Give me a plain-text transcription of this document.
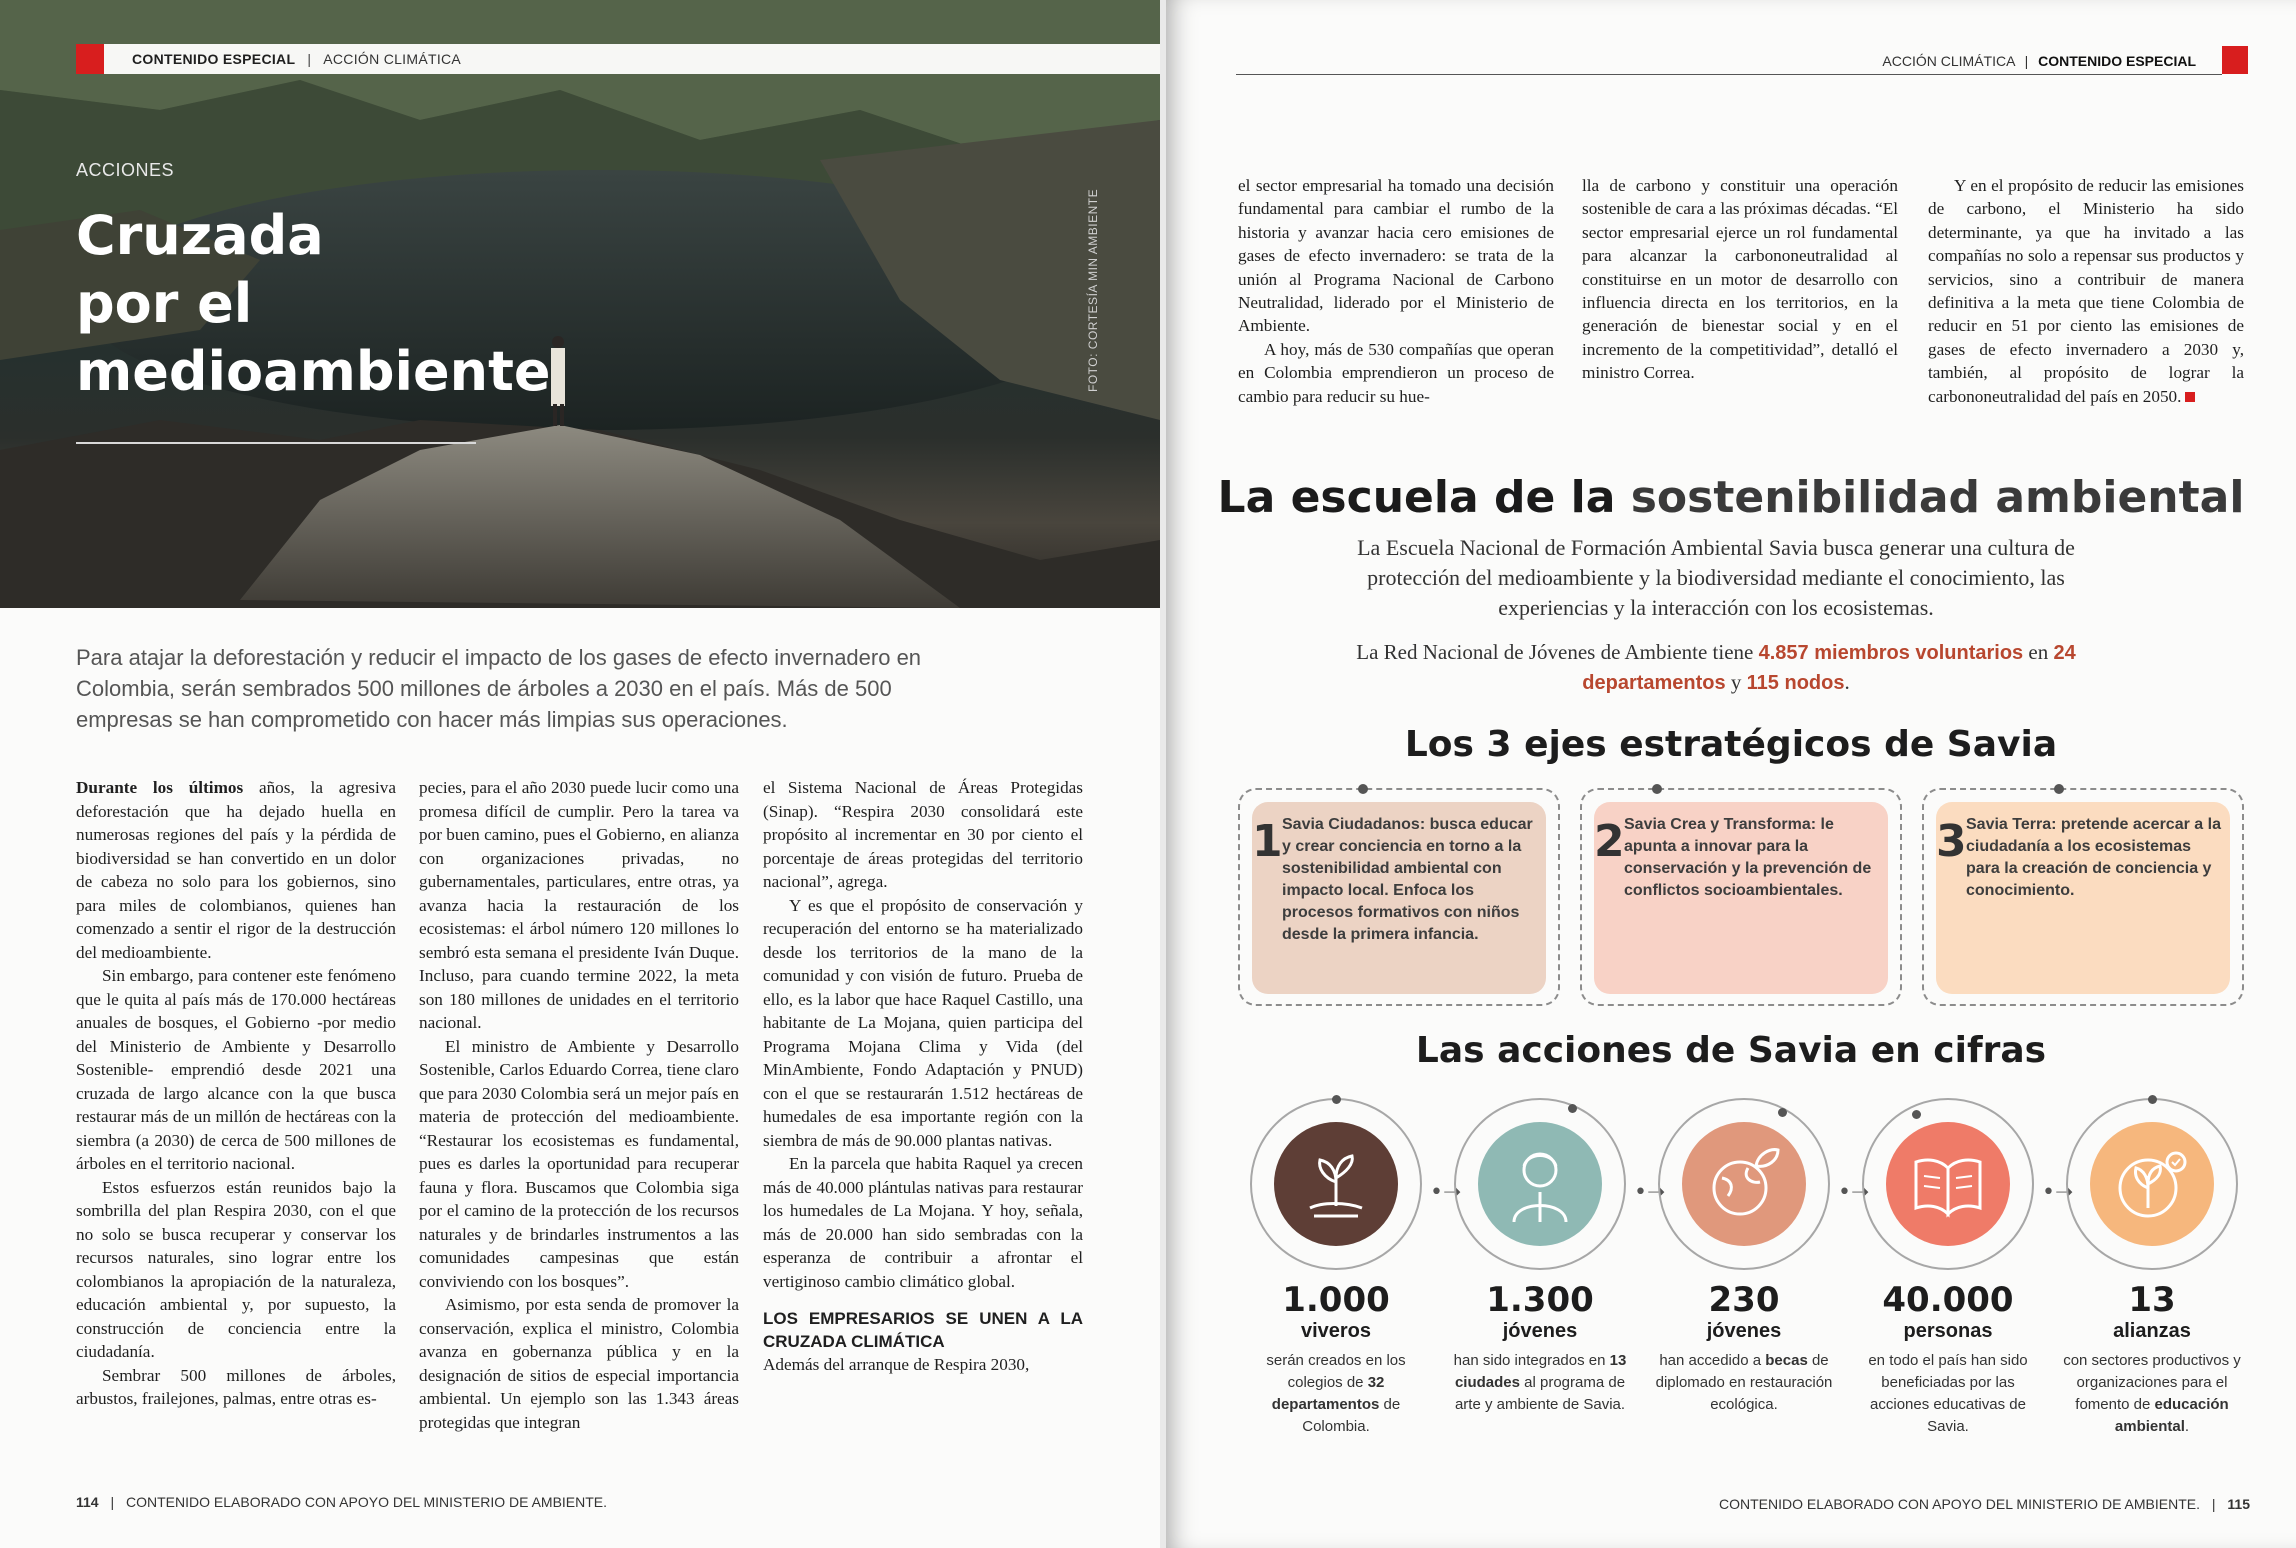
CONTENIDO ESPECIAL | ACCIÓN CLIMÁTICA
ACCIONES
Cruzada
por el
medioambiente	FOTO: CORTESÍA MIN AMBIENTE

Para atajar la deforestación y reducir el impacto de los gases de efecto invernadero en Colombia, serán sembrados 500 millones de árboles a 2030 en el país. Más de 500 empresas se han comprometido con hacer más limpias sus operaciones.

Durante los últimos años, la agresiva deforestación que ha dejado huella en numerosas regiones del país y la pérdida de biodiversidad se han convertido en un dolor de cabeza no solo para los gobiernos, sino para miles de colombianos, quienes han comenzado a sentir el rigor de la destrucción del medioambiente.

Sin embargo, para contener este fenómeno que le quita al país más de 170.000 hectáreas anuales de bosques, el Gobierno -por medio del Ministerio de Ambiente y Desarrollo Sostenible- emprendió desde 2021 una cruzada de largo alcance con la que busca restaurar más de un millón de hectáreas con la siembra (a 2030) de cerca de 500 millones de árboles en el territorio nacional.

Estos esfuerzos están reunidos bajo la sombrilla del plan Respira 2030, con el que no solo se busca recuperar y conservar los recursos naturales, sino lograr entre los colombianos la apropiación de la naturaleza, educación ambiental y, por supuesto, la construcción de conciencia entre la ciudadanía.

Sembrar 500 millones de árboles, arbustos, frailejones, palmas, entre otras es-

pecies, para el año 2030 puede lucir como una promesa difícil de cumplir. Pero la tarea va por buen camino, pues el Gobierno, en alianza con organizaciones privadas, no gubernamentales, particulares, entre otras, ya avanza hacia la restauración de los ecosistemas: el árbol número 120 millones lo sembró esta semana el presidente Iván Duque. Incluso, para cuando termine 2022, la meta son 180 millones de unidades en el territorio nacional.

El ministro de Ambiente y Desarrollo Sostenible, Carlos Eduardo Correa, tiene claro que para 2030 Colombia será un mejor país en materia de protección del medioambiente. “Restaurar los ecosistemas es fundamental, pues es darles la oportunidad para recuperar fauna y flora. Buscamos que Colombia siga por el camino de la protección de los recursos naturales y de brindarles instrumentos a las comunidades campesinas que están conviviendo con los bosques”.

Asimismo, por esta senda de promover la conservación, explica el ministro, Colombia avanza en gobernanza pública y en la designación de sitios de especial importancia ambiental. Un ejemplo son las 1.343 áreas protegidas que integran

el Sistema Nacional de Áreas Protegidas (Sinap). “Respira 2030 consolidará este propósito al incrementar en 30 por ciento el porcentaje de áreas protegidas del territorio nacional”, agrega.

Y es que el propósito de conservación y recuperación del entorno se ha materializado desde los territorios de la mano de la comunidad y con visión de futuro. Prueba de ello, es la labor que hace Raquel Castillo, una habitante de La Mojana, quien participa del Programa Mojana Clima y Vida (del MinAmbiente, Fondo Adaptación y PNUD) con el que se restaurarán 1.512 hectáreas de humedales de esa importante región con la siembra de más de 90.000 plantas nativas.

En la parcela que habita Raquel ya crecen más de 40.000 plántulas nativas para restaurar los humedales de La Mojana. Y hoy, señala, más de 20.000 han sido sembradas con la esperanza de contribuir a afrontar el vertiginoso cambio climático global.

LOS EMPRESARIOS SE UNEN A LA CRUZADA CLIMÁTICA

Además del arranque de Respira 2030,

114 | CONTENIDO ELABORADO CON APOYO DEL MINISTERIO DE AMBIENTE.
ACCIÓN CLIMÁTICA | CONTENIDO ESPECIAL

el sector empresarial ha tomado una decisión fundamental para cambiar el rumbo de la historia y avanzar hacia cero emisiones de gases de efecto invernadero: se trata de la unión al Programa Nacional de Carbono Neutralidad, liderado por el Ministerio de Ambiente.

A hoy, más de 530 compañías que operan en Colombia emprendieron un proceso de cambio para reducir su hue-

lla de carbono y constituir una operación sostenible de cara a las próximas décadas. “El sector empresarial ejerce un rol fundamental para alcanzar la carbononeutralidad al constituirse en un motor de desarrollo con influencia directa en los territorios, en la generación de bienestar social y en el incremento de la competitividad”, detalló el ministro Correa.

Y en el propósito de reducir las emisiones de carbono, el Ministerio ha sido determinante, ya que ha invitado a las compañías no solo a repensar sus productos y servicios, sino a contribuir de manera definitiva a la meta que tiene Colombia de reducir en 51 por ciento las emisiones de gases de efecto invernadero a 2030 y, también, al propósito de lograr la carbononeutralidad del país en 2050.

La escuela de la sostenibilidad ambiental

La Escuela Nacional de Formación Ambiental Savia busca generar una cultura de protección del medioambiente y la biodiversidad mediante el conocimiento, las experiencias y la interacción con los ecosistemas.

La Red Nacional de Jóvenes de Ambiente tiene 4.857 miembros voluntarios en 24 departamentos y 115 nodos.

Los 3 ejes estratégicos de Savia
1 Savia Ciudadanos: busca educar y crear conciencia en torno a la sostenibilidad ambiental con impacto local. Enfoca los procesos formativos con niños desde la primera infancia.
2 Savia Crea y Transforma: le apunta a innovar para la conservación y la prevención de conflictos socioambientales.
3 Savia Terra: pretende acercar a la ciudadanía a los ecosistemas para la creación de conciencia y conocimiento.
Las acciones de Savia en cifras
1.000
viveros
serán creados en los colegios de 32 departamentos de Colombia.
•➝
1.300
jóvenes
han sido integrados en 13 ciudades al programa de arte y ambiente de Savia.
•➝
230
jóvenes
han accedido a becas de diplomado en restauración ecológica.
•➝
40.000
personas
en todo el país han sido beneficiadas por las acciones educativas de Savia.
•➝
13
alianzas
con sectores productivos y organizaciones para el fomento de educación ambiental.
CONTENIDO ELABORADO CON APOYO DEL MINISTERIO DE AMBIENTE. | 115
